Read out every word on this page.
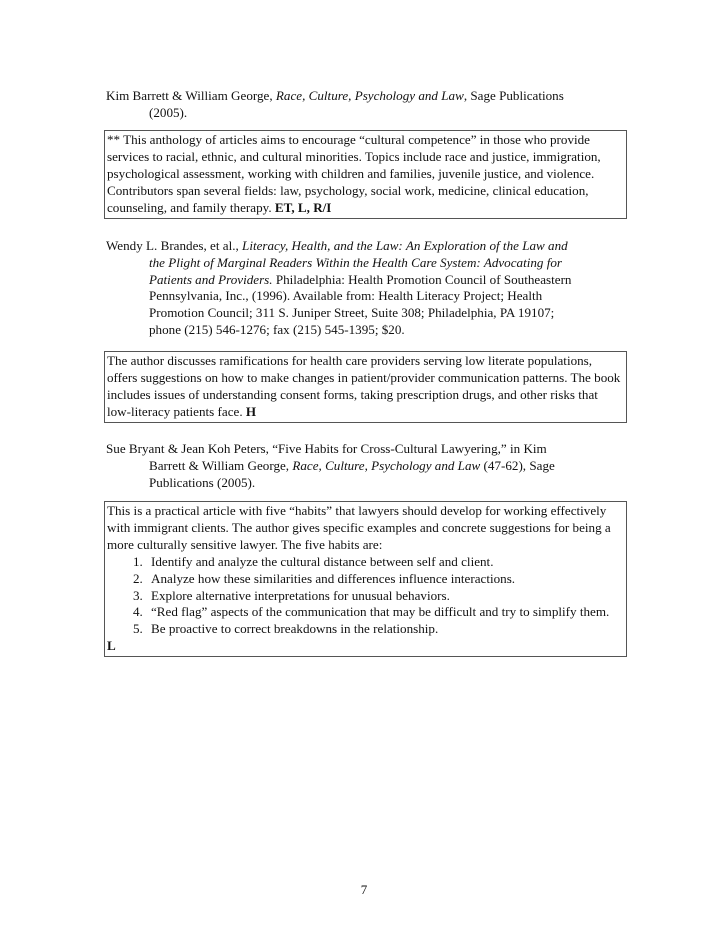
Kim Barrett & William George, Race, Culture, Psychology and Law, Sage Publications
(2005).

** This anthology of articles aims to encourage “cultural competence” in those who provide services to racial, ethnic, and cultural minorities. Topics include race and justice, immigration, psychological assessment, working with children and families, juvenile justice, and violence. Contributors span several fields: law, psychology, social work, medicine, clinical education, counseling, and family therapy. ET, L, R/I

Wendy L. Brandes, et al., Literacy, Health, and the Law: An Exploration of the Law and
the Plight of Marginal Readers Within the Health Care System: Advocating for
Patients and Providers. Philadelphia: Health Promotion Council of Southeastern
Pennsylvania, Inc., (1996). Available from: Health Literacy Project; Health
Promotion Council; 311 S. Juniper Street, Suite 308; Philadelphia, PA 19107;
phone (215) 546-1276; fax (215) 545-1395; $20.

The author discusses ramifications for health care providers serving low literate populations, offers suggestions on how to make changes in patient/provider communication patterns. The book includes issues of understanding consent forms, taking prescription drugs, and other risks that low-literacy patients face. H

Sue Bryant & Jean Koh Peters, “Five Habits for Cross-Cultural Lawyering,” in Kim
Barrett & William George, Race, Culture, Psychology and Law (47-62), Sage
Publications (2005).

This is a practical article with five “habits” that lawyers should develop for working effectively with immigrant clients. The author gives specific examples and concrete suggestions for being a more culturally sensitive lawyer. The five habits are:
1. Identify and analyze the cultural distance between self and client.
2. Analyze how these similarities and differences influence interactions.
3. Explore alternative interpretations for unusual behaviors.
4. “Red flag” aspects of the communication that may be difficult and try to simplify them.
5. Be proactive to correct breakdowns in the relationship.
L
7
